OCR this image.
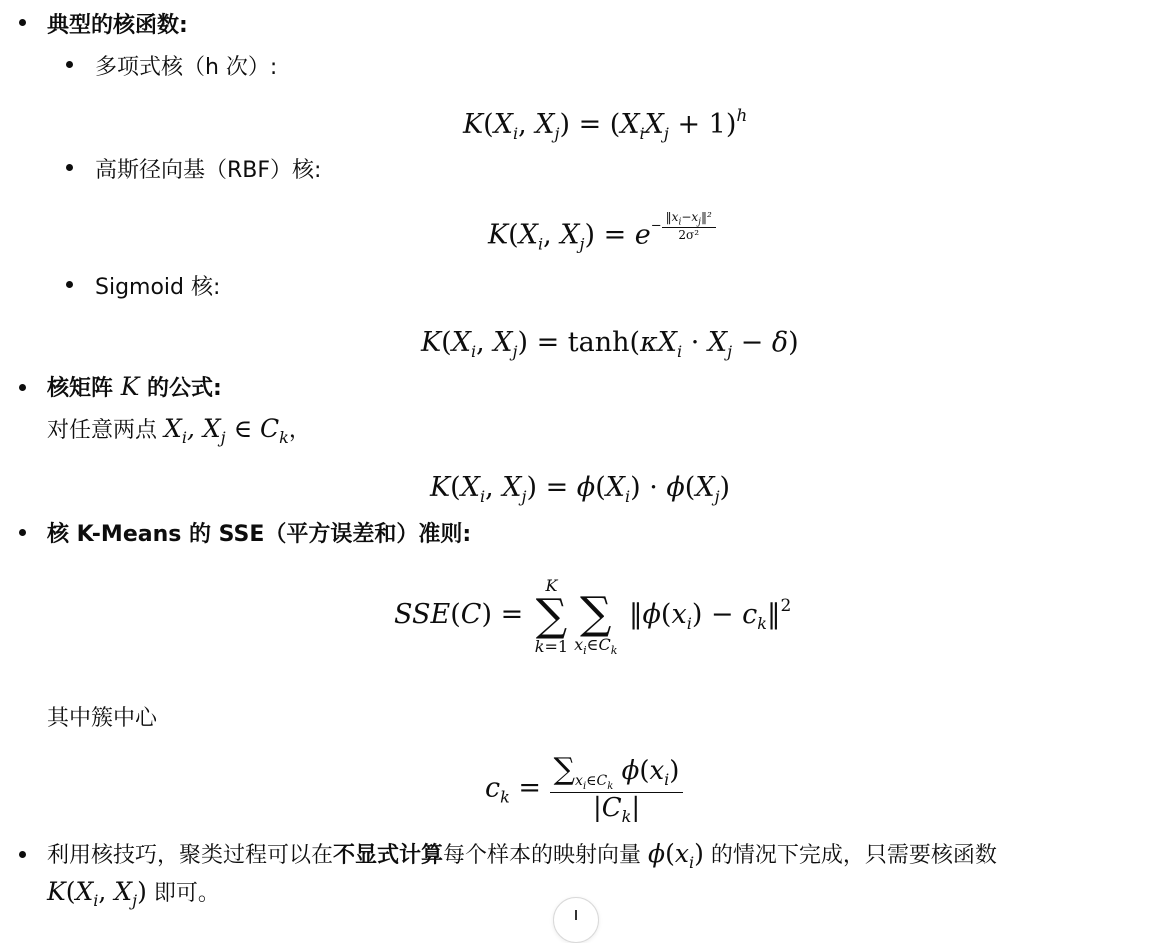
典型的核函数:
多项式核（h 次）:
$K(X_i$, $X_j) = (X_iX_j + 1)^h$
高斯径向基（RBF）核:
$K(X_i$, $X_j) = e- \frac{‖x_i-x_j‖^2}{\text{2σ²}}$
Sigmoid 核:
$K(X_i$, $X_j) = \tanh(\kappa X_i \cdot X_j - \delta)$
核矩阵 K 的公式:
对任意两点 $X_i$, $X_j$ ∈ $C_k$，
$K(X_i$, $X_j) = \phi(X_i) \cdot \phi(X_j)$
核 K-Means 的 SSE（平方误差和）准则:
SSE(C) =
K
∑
k=1

∑
$x_i\in C_k$
$‖\phi(x_i)$ − $c_k‖^2$
其中簇中心
$c_k = \frac{\sum_{x_i\in C_k} \phi(x_i)}{|C_k|}$
利用核技巧，聚类过程可以在不显式计算每个样本的映射向量 $\phi(x_i)$ 的情况下完成，只需要核函数
$K(X_i$, $X_j$) 即可。
